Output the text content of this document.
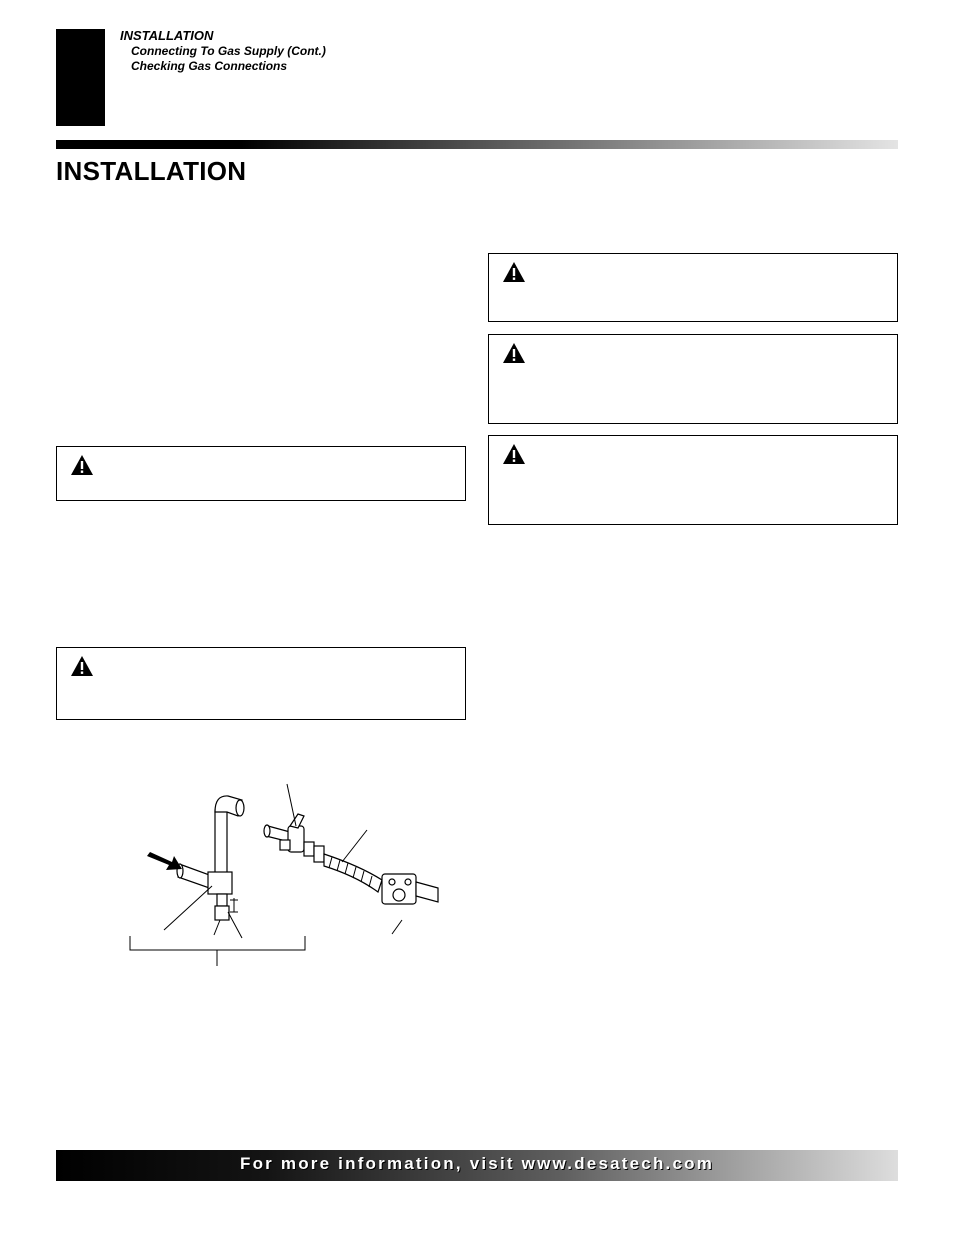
INSTALLATION
Connecting To Gas Supply (Cont.)
Checking Gas Connections
INSTALLATION
For more information, visit www.desatech.com
